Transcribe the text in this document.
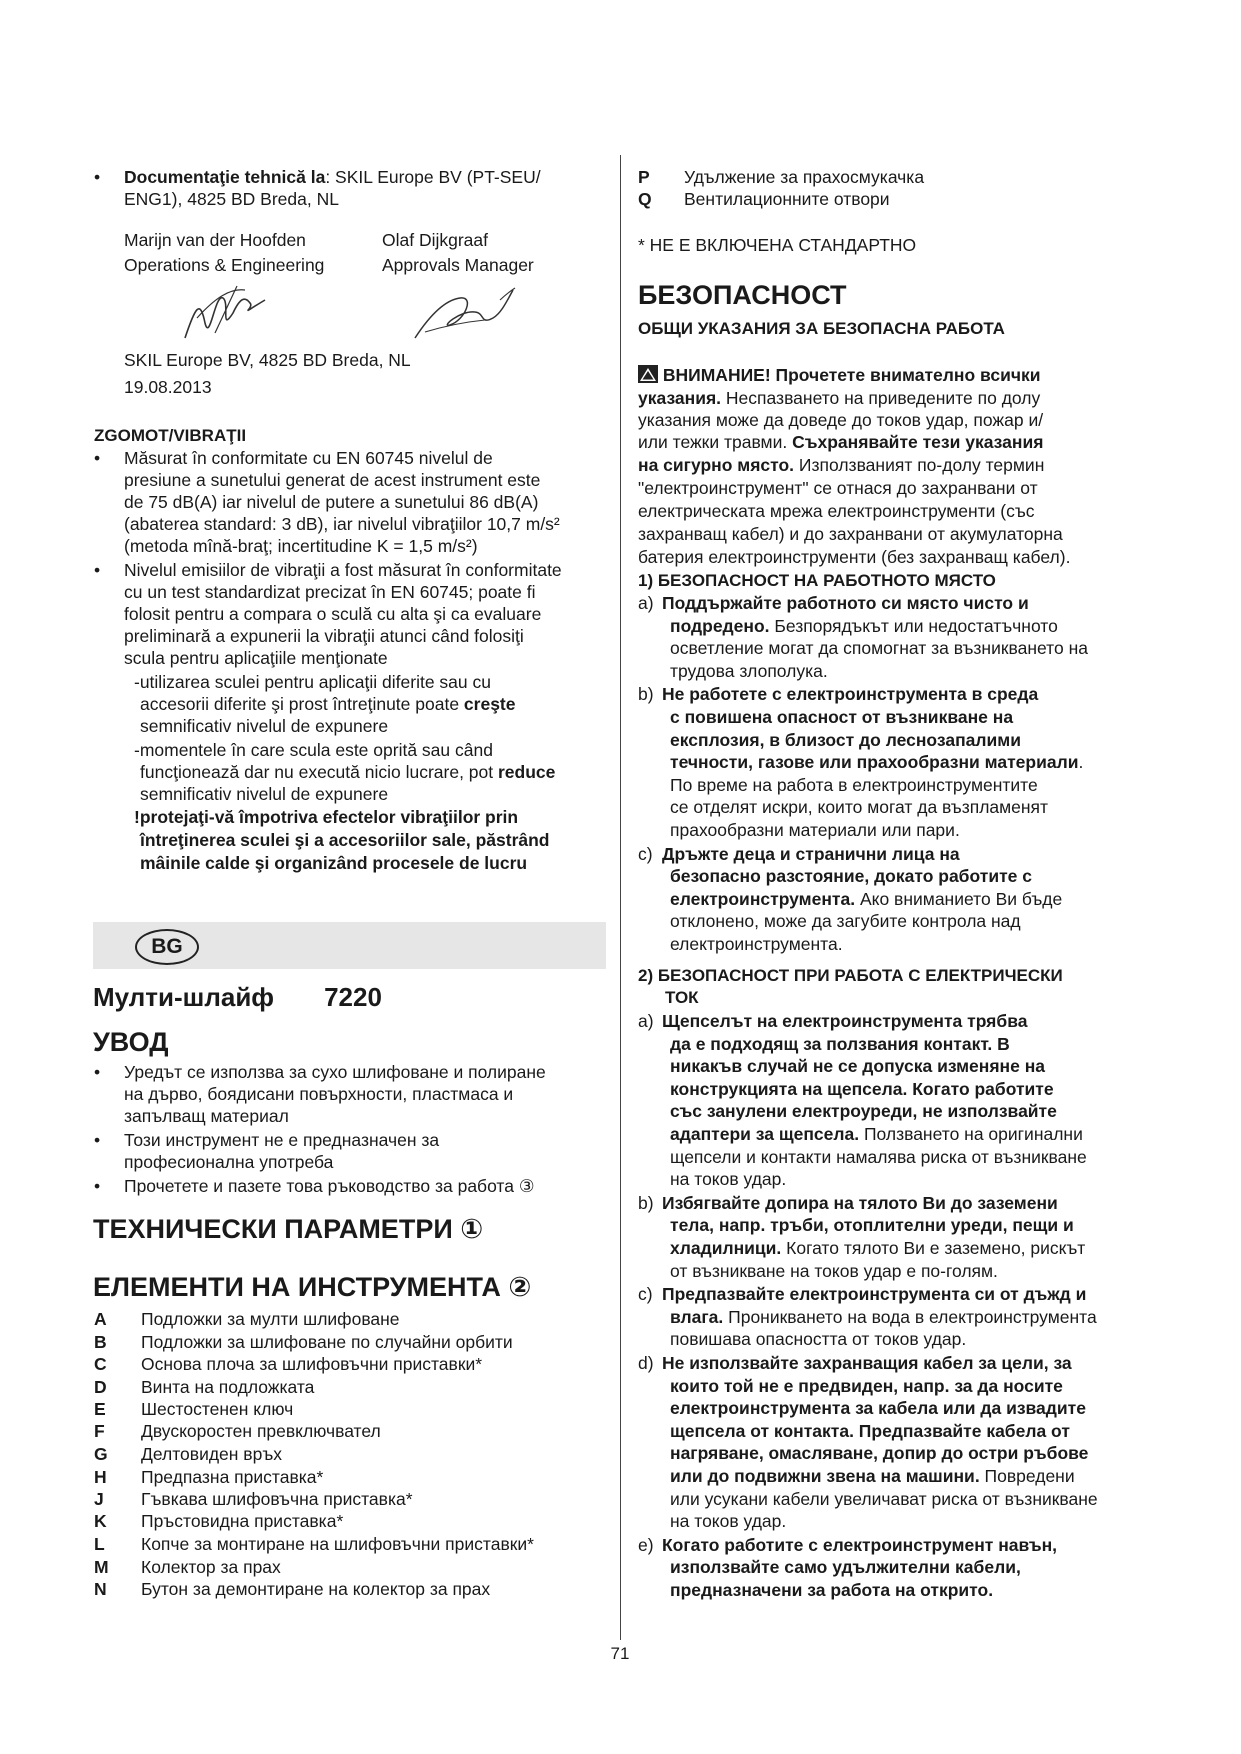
• Documentaţie tehnică la: SKIL Europe BV (PT-SEU/
ENG1), 4825 BD Breda, NL
Marijn van der Hoofden
Operations & Engineering
Olaf Dijkgraaf
Approvals Manager
SKIL Europe BV, 4825 BD Breda, NL
19.08.2013
ZGOMOT/VIBRAŢII
• Măsurat în conformitate cu EN 60745 nivelul de
presiune a sunetului generat de acest instrument este
de 75 dB(A) iar nivelul de putere a sunetului 86 dB(A)
(abaterea standard: 3 dB), iar nivelul vibraţiilor 10,7 m/s²
(metoda mînă-braţ; incertitudine K = 1,5 m/s²)
• Nivelul emisiilor de vibraţii a fost măsurat în conformitate
cu un test standardizat precizat în EN 60745; poate fi
folosit pentru a compara o sculă cu alta şi ca evaluare
preliminară a expunerii la vibraţii atunci când folosiţi
scula pentru aplicaţiile menţionate
-utilizarea sculei pentru aplicaţii diferite sau cu
accesorii diferite şi prost întreţinute poate creşte
semnificativ nivelul de expunere
-momentele în care scula este oprită sau când
funcţionează dar nu execută nicio lucrare, pot reduce
semnificativ nivelul de expunere
!protejaţi-vă împotriva efectelor vibraţiilor prin
întreţinerea sculei şi a accesoriilor sale, păstrând
mâinile calde şi organizând procesele de lucru
BG
Мулти-шлайф 7220
УВОД
• Уредът се използва за сухо шлифоване и полиране
на дърво, боядисани повърхности, пластмаса и
запълващ материал
• Този инструмент не е предназначен за
професионална употреба
• Прочетете и пазете това ръководство за работа ③
ТЕХНИЧЕСКИ ПАРАМЕТРИ ①
ЕЛЕМЕНТИ НА ИНСТРУМЕНТА ②
A Подложки за мулти шлифоване
B Подложки за шлифоване по случайни орбити
C Основа плоча за шлифовъчни приставки*
D Винта на подложката
E Шестостенен ключ
F Двускоростен превключвател
G Делтовиден връх
H Предпазна приставка*
J Гъвкава шлифовъчна приставка*
K Пръстовидна приставка*
L Копче за монтиране на шлифовъчни приставки*
M Колектор за прах
N Бутон за демонтиране на колектор за прах
P Удължение за прахосмукачка
Q Вентилационните отвори
* НЕ Е ВКЛЮЧЕНА СТАНДАРТНО
БЕЗОПАСНОСТ
ОБЩИ УКАЗАНИЯ ЗА БЕЗОПАСНА РАБОТА
ВНИМАНИЕ! Прочетете внимателно всички
указания. Неспазването на приведените по долу
указания може да доведе до токов удар, пожар и/
или тежки травми. Съхранявайте тези указания
на сигурно място. Използваният по-долу термин
"електроинструмент" се отнася до захранвани от
електрическата мрежа електроинструменти (със
захранващ кабел) и до захранвани от акумулаторна
батерия електроинструменти (без захранващ кабел).
1) БЕЗОПАСНОСТ НА РАБОТНОТО МЯСТО
a) Поддържайте работното си място чисто и
подредено. Безпорядъкът или недостатъчното
осветление могат да спомогнат за възникването на
трудова злополука.
b) Не работете с електроинструмента в среда
с повишена опасност от възникване на
експлозия, в близост до леснозапалими
течности, газове или прахообразни материали.
По време на работа в електроинструментите
се отделят искри, които могат да възпламенят
прахообразни материали или пари.
c) Дръжте деца и странични лица на
безопасно разстояние, докато работите с
електроинструмента. Ако вниманието Ви бъде
отклонено, може да загубите контрола над
електроинструмента.
2) БЕЗОПАСНОСТ ПРИ РАБОТА С ЕЛЕКТРИЧЕСКИ
ТОК
a) Щепселът на електроинструмента трябва
да е подходящ за ползвания контакт. В
никакъв случай не се допуска изменяне на
конструкцията на щепсела. Когато работите
със занулени електроуреди, не използвайте
адаптери за щепсела. Ползването на оригинални
щепсели и контакти намалява риска от възникване
на токов удар.
b) Избягвайте допира на тялото Ви до заземени
тела, напр. тръби, отоплителни уреди, пещи и
хладилници. Когато тялото Ви е заземено, рискът
от възникване на токов удар е по-голям.
c) Предпазвайте електроинструмента си от дъжд и
влага. Проникването на вода в електроинструмента
повишава опасността от токов удар.
d) Не използвайте захранващия кабел за цели, за
които той не е предвиден, напр. за да носите
електроинструмента за кабела или да извадите
щепсела от контакта. Предпазвайте кабела от
нагряване, омасляване, допир до остри ръбове
или до подвижни звена на машини. Повредени
или усукани кабели увеличават риска от възникване
на токов удар.
e) Когато работите с електроинструмент навън,
използвайте само удължителни кабели,
предназначени за работа на открито.
71
